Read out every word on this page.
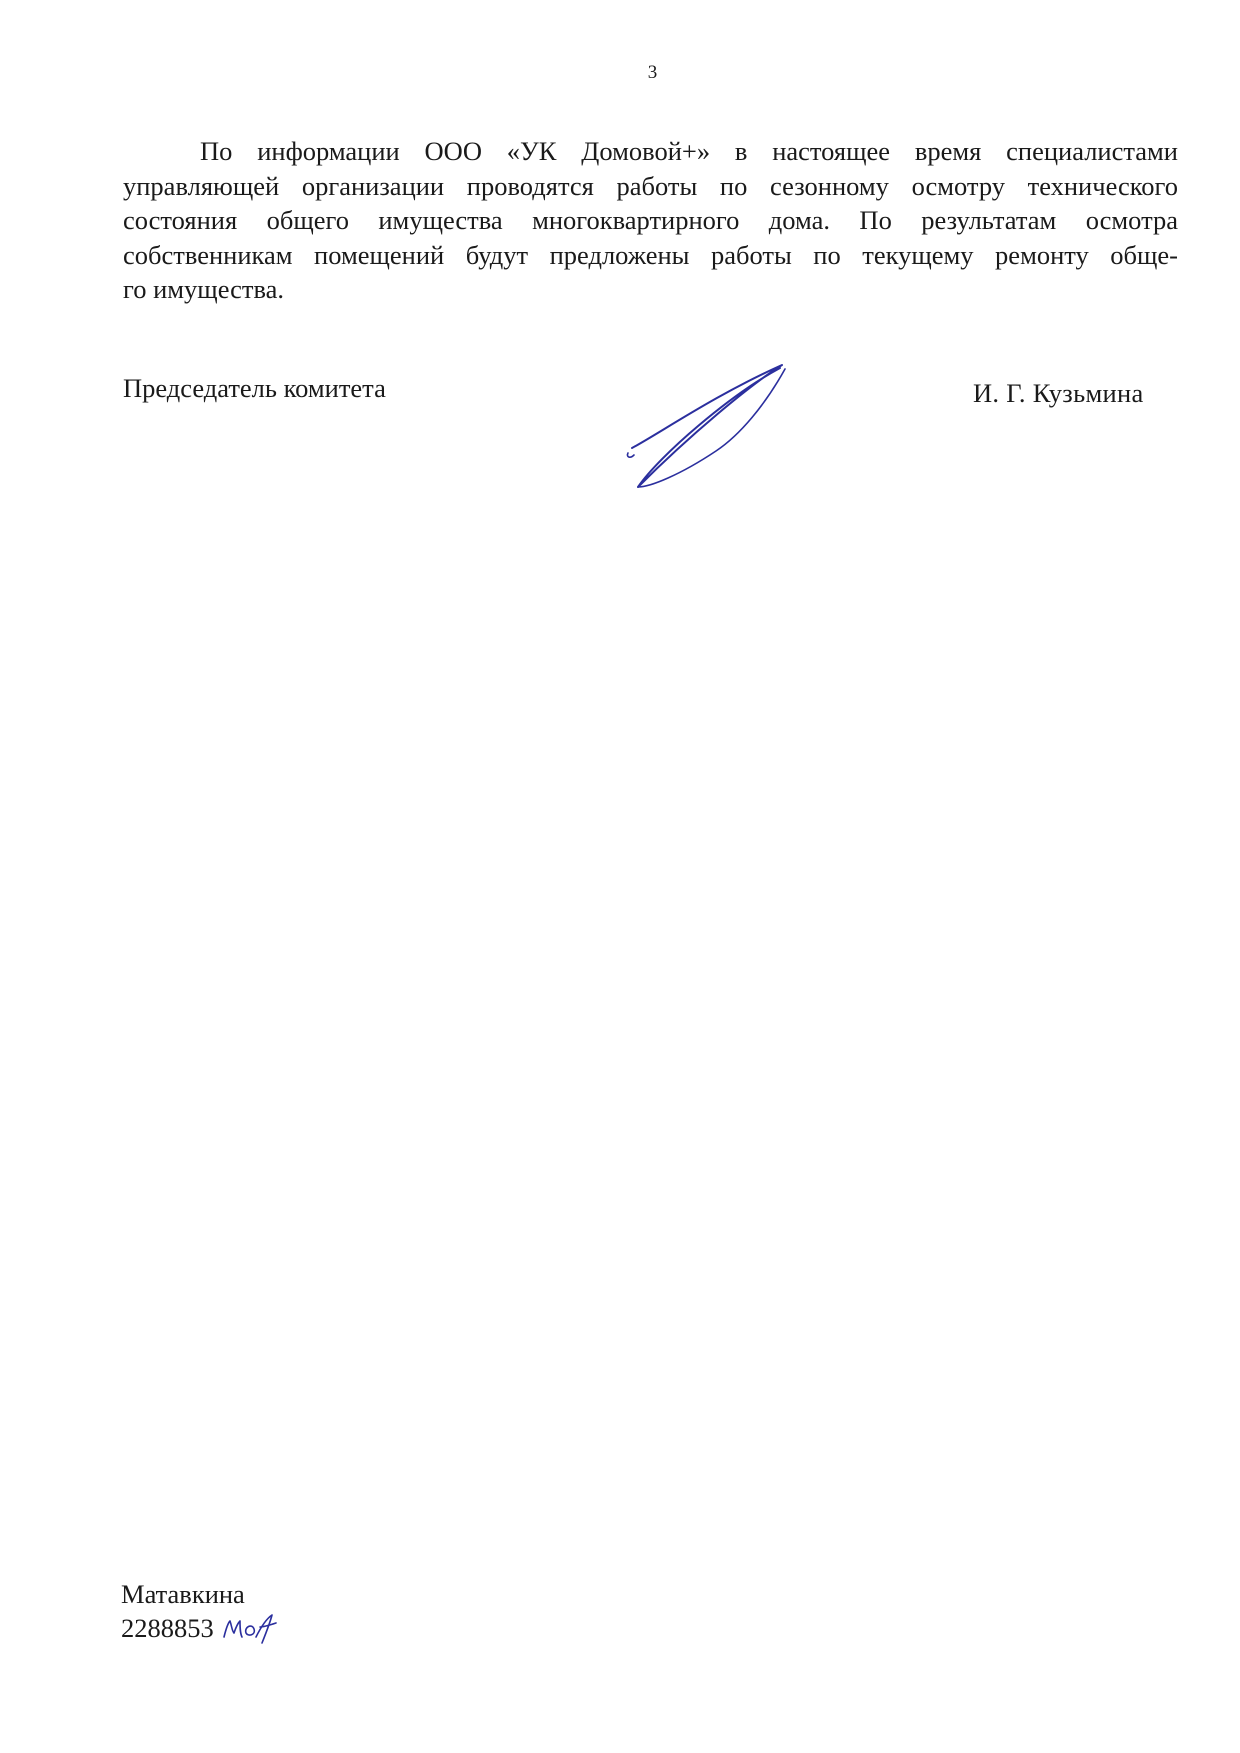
3
По информации ООО «УК Домовой+» в настоящее время специалистами
управляющей организации проводятся работы по сезонному осмотру технического
состояния общего имущества многоквартирного дома. По результатам осмотра
собственникам помещений будут предложены работы по текущему ремонту обще-
го имущества.
Председатель комитета	И. Г. Кузьмина
Матавкина
2288853
